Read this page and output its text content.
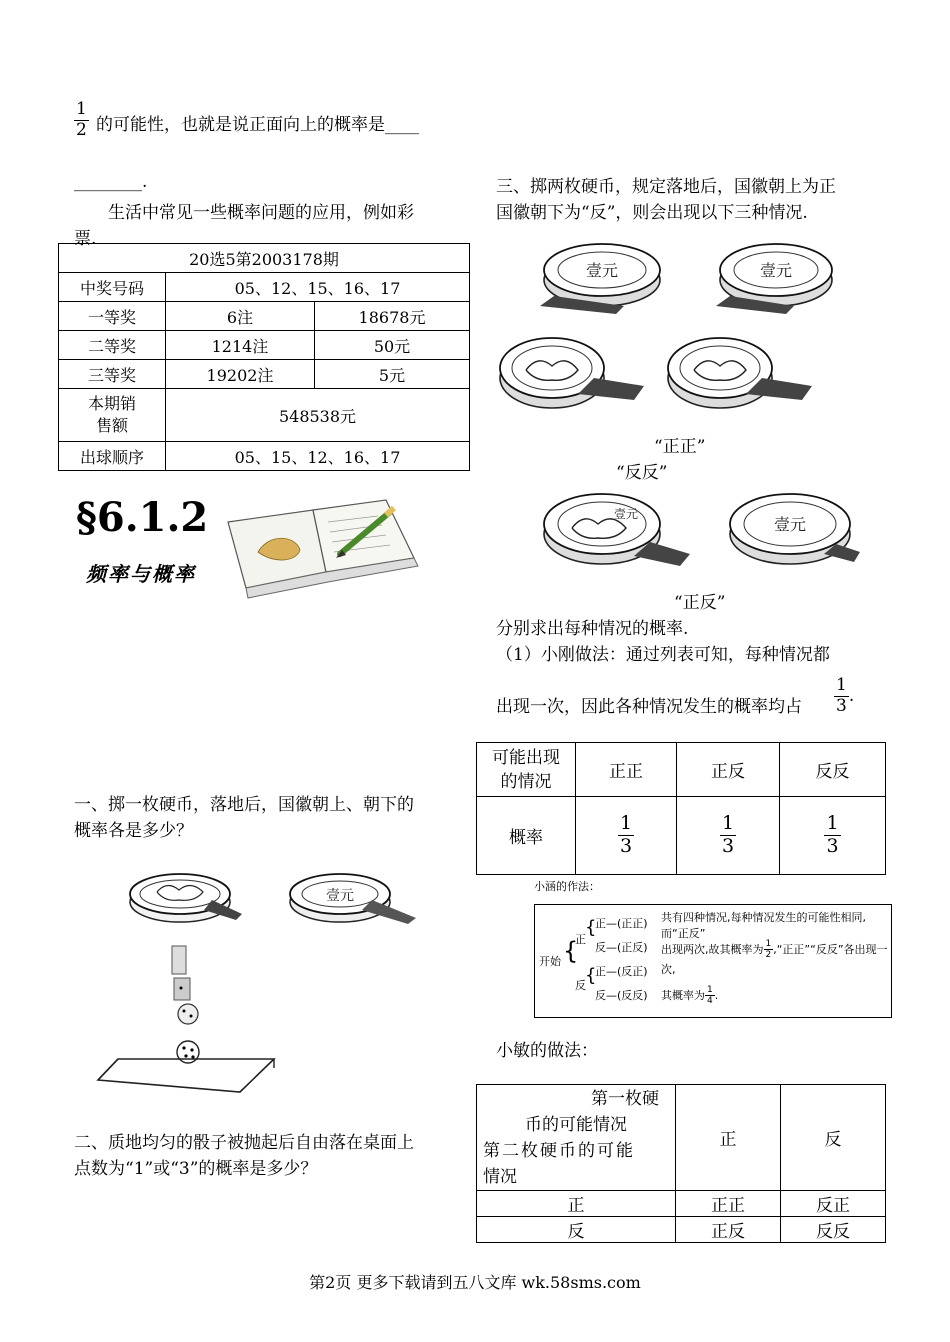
$\frac{1}{2}$ 的可能性，也就是说正面向上的概率是____
________.
生活中常见一些概率问题的应用，例如彩
票.
20选5第2003178期		
中奖号码	05、12、15、16、17	
一等奖	6注	18678元
二等奖	1214注	50元
三等奖	19202注	5元
本期销
售额	548538元	
出球顺序	05、15、12、16、17	
§6.1.2
频率与概率
一、掷一枚硬币，落地后，国徽朝上、朝下的
概率各是多少？
壹元
二、质地均匀的骰子被抛起后自由落在桌面上
点数为“1”或“3”的概率是多少？
三、掷两枚硬币，规定落地后，国徽朝上为正
国徽朝下为“反”，则会出现以下三种情况.
壹元	壹元
“正正”
“反反”
壹元
壹元
“正反”
分别求出每种情况的概率.
（1）小刚做法：通过列表可知，每种情况都
出现一次，因此各种情况发生的概率均占 $\frac{1}{3}$ .
可能出现
的情况	正正	正反	反反
概率	$\frac{1}{3}$	$\frac{1}{3}$	$\frac{1}{3}$
小涵的作法：
开始 {
正
反
{
{
正—(正正)
反—(正反)
正—(反正)
反—(反反)
共有四种情况,每种情况发生的可能性相同,而“正反”
出现两次,故其概率为 $\frac{1}{2}$ ,“正正”“反反”各出现一次,
其概率为 $\frac{1}{4}$ .
小敏的做法：
第一枚硬
币的可能情况
第二枚硬币的可能
情况	正	反
正	正正	反正
反	正反	反反
第2页 更多下载请到五八文库 wk.58sms.com
